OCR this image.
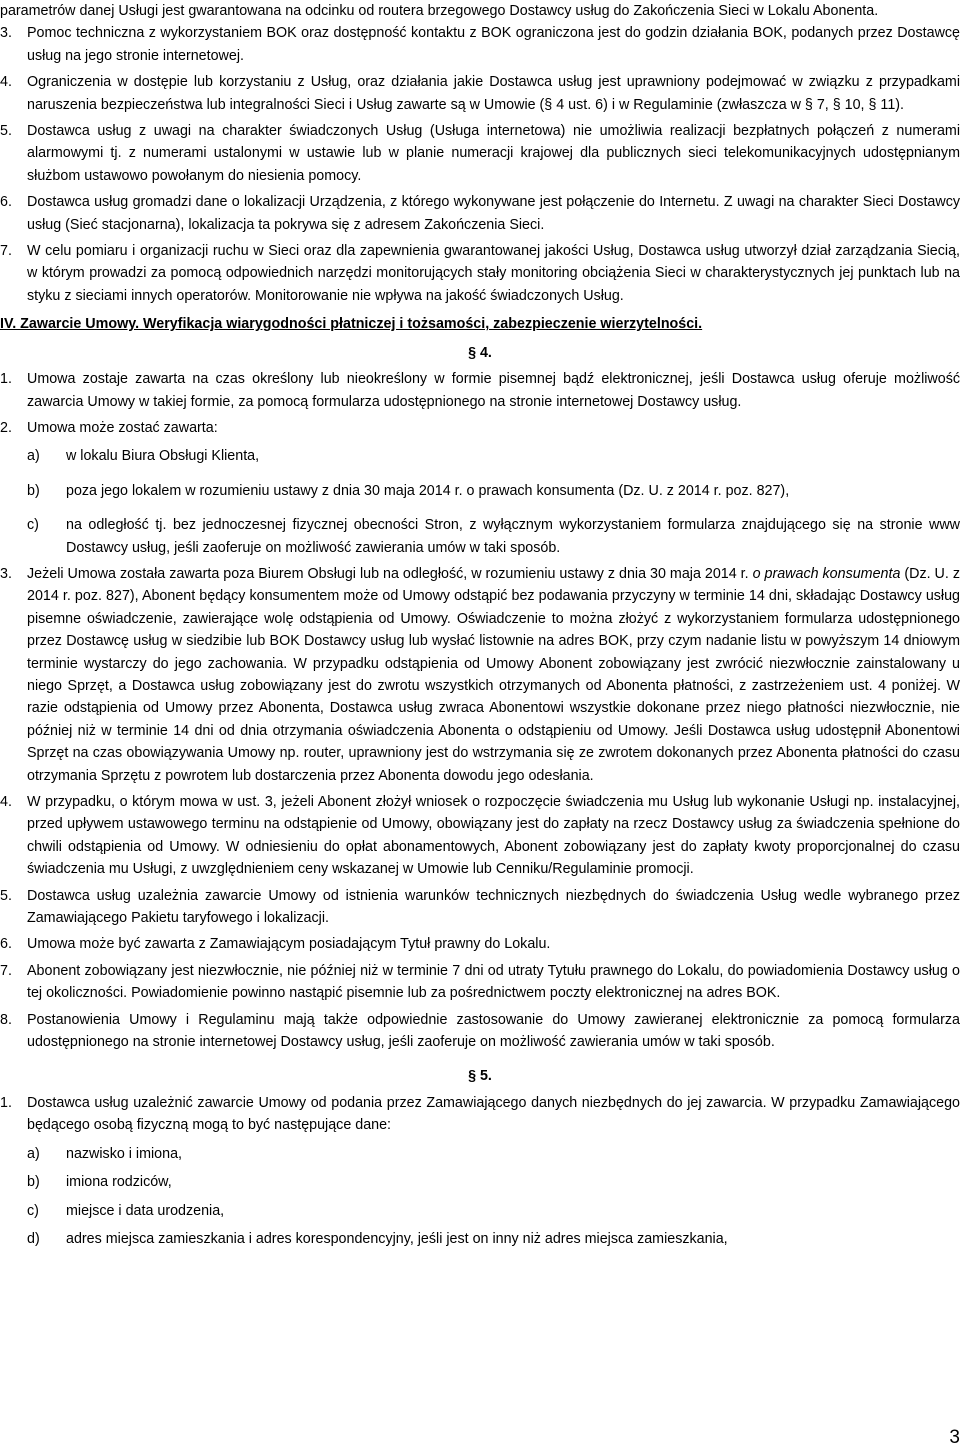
parametrów danej Usługi jest gwarantowana na odcinku od routera brzegowego Dostawcy usług do Zakończenia Sieci w Lokalu Abonenta.

3. Pomoc techniczna z wykorzystaniem BOK oraz dostępność kontaktu z BOK ograniczona jest do godzin działania BOK, podanych przez Dostawcę usług na jego stronie internetowej.
4. Ograniczenia w dostępie lub korzystaniu z Usług, oraz działania jakie Dostawca usług jest uprawniony podejmować w związku z przypadkami naruszenia bezpieczeństwa lub integralności Sieci i Usług zawarte są w Umowie (§ 4 ust. 6) i w Regulaminie (zwłaszcza w § 7, § 10, § 11).
5. Dostawca usług z uwagi na charakter świadczonych Usług (Usługa internetowa) nie umożliwia realizacji bezpłatnych połączeń z numerami alarmowymi tj. z numerami ustalonymi w ustawie lub w planie numeracji krajowej dla publicznych sieci telekomunikacyjnych udostępnianym służbom ustawowo powołanym do niesienia pomocy.
6. Dostawca usług gromadzi dane o lokalizacji Urządzenia, z którego wykonywane jest połączenie do Internetu. Z uwagi na charakter Sieci Dostawcy usług (Sieć stacjonarna), lokalizacja ta pokrywa się z adresem Zakończenia Sieci.
7. W celu pomiaru i organizacji ruchu w Sieci oraz dla zapewnienia gwarantowanej jakości Usług, Dostawca usług utworzył dział zarządzania Siecią, w którym prowadzi za pomocą odpowiednich narzędzi monitorujących stały monitoring obciążenia Sieci w charakterystycznych jej punktach lub na styku z sieciami innych operatorów. Monitorowanie nie wpływa na jakość świadczonych Usług.

IV. Zawarcie Umowy. Weryfikacja wiarygodności płatniczej i tożsamości, zabezpieczenie wierzytelności.

§ 4.

1. Umowa zostaje zawarta na czas określony lub nieokreślony w formie pisemnej bądź elektronicznej, jeśli Dostawca usług oferuje możliwość zawarcia Umowy w takiej formie, za pomocą formularza udostępnionego na stronie internetowej Dostawcy usług.
2. Umowa może zostać zawarta:
a) w lokalu Biura Obsługi Klienta,
b) poza jego lokalem w rozumieniu ustawy z dnia 30 maja 2014 r. o prawach konsumenta (Dz. U. z 2014 r. poz. 827),
c) na odległość tj. bez jednoczesnej fizycznej obecności Stron, z wyłącznym wykorzystaniem formularza znajdującego się na stronie www Dostawcy usług, jeśli zaoferuje on możliwość zawierania umów w taki sposób.
3. Jeżeli Umowa została zawarta poza Biurem Obsługi lub na odległość, w rozumieniu ustawy z dnia 30 maja 2014 r. o prawach konsumenta (Dz. U. z 2014 r. poz. 827), Abonent będący konsumentem może od Umowy odstąpić bez podawania przyczyny w terminie 14 dni, składając Dostawcy usług pisemne oświadczenie, zawierające wolę odstąpienia od Umowy. Oświadczenie to można złożyć z wykorzystaniem formularza udostępnionego przez Dostawcę usług w siedzibie lub BOK Dostawcy usług lub wysłać listownie na adres BOK, przy czym nadanie listu w powyższym 14 dniowym terminie wystarczy do jego zachowania. W przypadku odstąpienia od Umowy Abonent zobowiązany jest zwrócić niezwłocznie zainstalowany u niego Sprzęt, a Dostawca usług zobowiązany jest do zwrotu wszystkich otrzymanych od Abonenta płatności, z zastrzeżeniem ust. 4 poniżej. W razie odstąpienia od Umowy przez Abonenta, Dostawca usług zwraca Abonentowi wszystkie dokonane przez niego płatności niezwłocznie, nie później niż w terminie 14 dni od dnia otrzymania oświadczenia Abonenta o odstąpieniu od Umowy. Jeśli Dostawca usług udostępnił Abonentowi Sprzęt na czas obowiązywania Umowy np. router, uprawniony jest do wstrzymania się ze zwrotem dokonanych przez Abonenta płatności do czasu otrzymania Sprzętu z powrotem lub dostarczenia przez Abonenta dowodu jego odesłania.
4. W przypadku, o którym mowa w ust. 3, jeżeli Abonent złożył wniosek o rozpoczęcie świadczenia mu Usług lub wykonanie Usługi np. instalacyjnej, przed upływem ustawowego terminu na odstąpienie od Umowy, obowiązany jest do zapłaty na rzecz Dostawcy usług za świadczenia spełnione do chwili odstąpienia od Umowy. W odniesieniu do opłat abonamentowych, Abonent zobowiązany jest do zapłaty kwoty proporcjonalnej do czasu świadczenia mu Usługi, z uwzględnieniem ceny wskazanej w Umowie lub Cenniku/Regulaminie promocji.
5. Dostawca usług uzależnia zawarcie Umowy od istnienia warunków technicznych niezbędnych do świadczenia Usług wedle wybranego przez Zamawiającego Pakietu taryfowego i lokalizacji.
6. Umowa może być zawarta z Zamawiającym posiadającym Tytuł prawny do Lokalu.
7. Abonent zobowiązany jest niezwłocznie, nie później niż w terminie 7 dni od utraty Tytułu prawnego do Lokalu, do powiadomienia Dostawcy usług o tej okoliczności. Powiadomienie powinno nastąpić pisemnie lub za pośrednictwem poczty elektronicznej na adres BOK.
8. Postanowienia Umowy i Regulaminu mają także odpowiednie zastosowanie do Umowy zawieranej elektronicznie za pomocą formularza udostępnionego na stronie internetowej Dostawcy usług, jeśli zaoferuje on możliwość zawierania umów w taki sposób.

§ 5.

1. Dostawca usług uzależnić zawarcie Umowy od podania przez Zamawiającego danych niezbędnych do jej zawarcia. W przypadku Zamawiającego będącego osobą fizyczną mogą to być następujące dane:
a) nazwisko i imiona,
b) imiona rodziców,
c) miejsce i data urodzenia,
d) adres miejsca zamieszkania i adres korespondencyjny, jeśli jest on inny niż adres miejsca zamieszkania,
3
